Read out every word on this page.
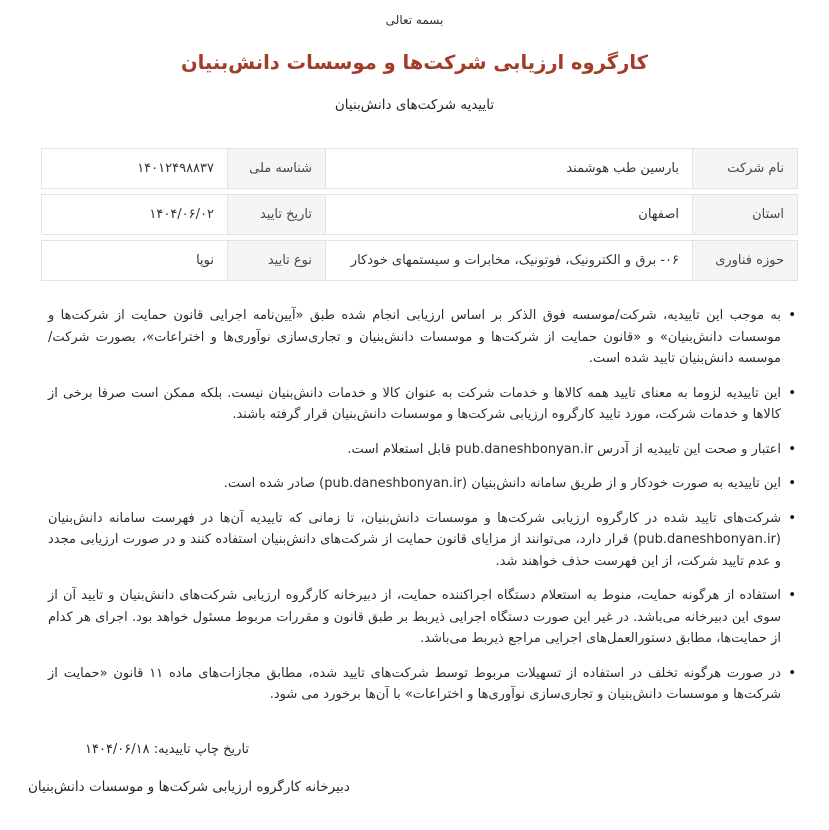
بسمه تعالی
کارگروه ارزیابی شرکت‌ها و موسسات دانش‌بنیان
تاییدیه شرکت‌های دانش‌بنیان
نام شرکت
بارسین طب هوشمند
شناسه ملی
۱۴۰۱۲۴۹۸۸۳۷
استان
اصفهان
تاریخ تایید
۱۴۰۴/۰۶/۰۲
حوزه فناوری
۰۶- برق و الکترونیک، فوتونیک، مخابرات و سیستمهای خودکار
نوع تایید
نوپا
•
به موجب این تاییدیه، شرکت/موسسه فوق الذکر بر اساس ارزیابی انجام شده طبق «آیین‌نامه اجرایی قانون حمایت از شرکت‌ها و موسسات دانش‌بنیان» و «قانون حمایت از شرکت‌ها و موسسات دانش‌بنیان و تجاری‌سازی نوآوری‌ها و اختراعات»، بصورت شرکت/موسسه دانش‌بنیان تایید شده است.
•
این تاییدیه لزوما به معنای تایید همه کالاها و خدمات شرکت به عنوان کالا و خدمات دانش‌بنیان نیست. بلکه ممکن است صرفا برخی از کالاها و خدمات شرکت، مورد تایید کارگروه ارزیابی شرکت‌ها و موسسات دانش‌بنیان قرار گرفته باشند.
•
اعتبار و صحت این تاییدیه از آدرس pub.daneshbonyan.ir قابل استعلام است.
•
این تاییدیه به صورت خودکار و از طریق سامانه دانش‌بنیان (pub.daneshbonyan.ir) صادر شده است.
•
شرکت‌های تایید شده در کارگروه ارزیابی شرکت‌ها و موسسات دانش‌بنیان، تا زمانی که تاییدیه آن‌ها در فهرست سامانه دانش‌بنیان (pub.daneshbonyan.ir) قرار دارد، می‌توانند از مزایای قانون حمایت از شرکت‌های دانش‌بنیان استفاده کنند و در صورت ارزیابی مجدد و عدم تایید شرکت، از این فهرست حذف خواهند شد.
•
استفاده از هرگونه حمایت، منوط به استعلام دستگاه اجراکننده حمایت، از دبیرخانه کارگروه ارزیابی شرکت‌های دانش‌بنیان و تایید آن از سوی این دبیرخانه می‌باشد. در غیر این صورت دستگاه اجرایی ذیربط بر طبق قانون و مقررات مربوط مسئول خواهد بود. اجرای هر کدام از حمایت‌ها، مطابق دستورالعمل‌های اجرایی مراجع ذیربط می‌باشد.
•
در صورت هرگونه تخلف در استفاده از تسهیلات مربوط توسط شرکت‌های تایید شده، مطابق مجازات‌های ماده ۱۱ قانون «حمایت از شرکت‌ها و موسسات دانش‌بنیان و تجاری‌سازی نوآوری‌ها و اختراعات» با آن‌ها برخورد می شود.
تاریخ چاپ تاییدیه: ۱۴۰۴/۰۶/۱۸
دبیرخانه کارگروه ارزیابی شرکت‌ها و موسسات دانش‌بنیان
